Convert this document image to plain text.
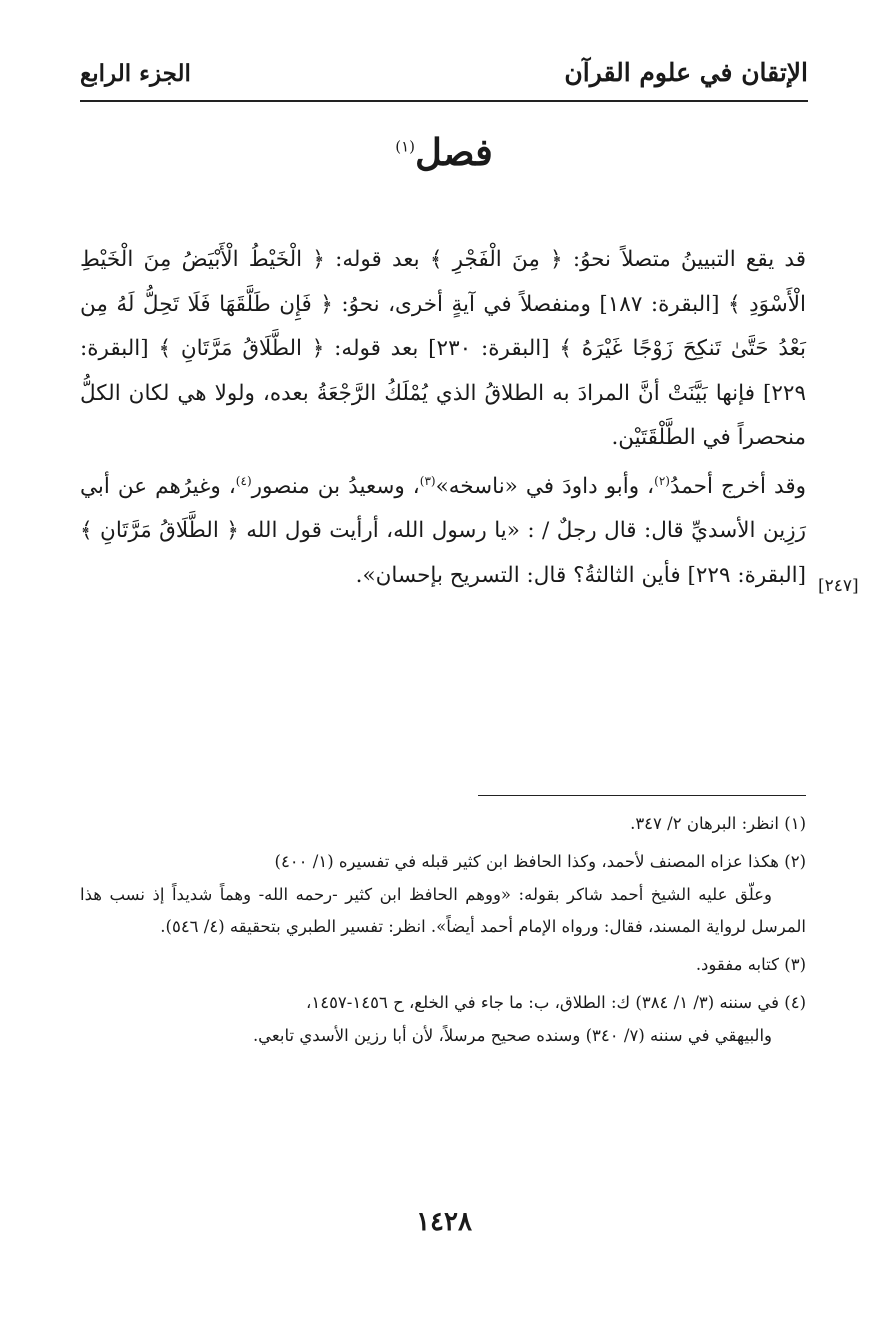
الإتقان في علوم القرآن
الجزء الرابع
فصل$^{(١)}$

قد يقع التبيينُ متصلاً نحوُ: ﴿ مِنَ الْفَجْرِ ﴾ بعد قوله: ﴿ الْخَيْطُ الْأَبْيَضُ مِنَ الْخَيْطِ الْأَسْوَدِ ﴾ [البقرة: ١٨٧] ومنفصلاً في آيةٍ أخرى، نحوُ: ﴿ فَإِن طَلَّقَهَا فَلَا تَحِلُّ لَهُ مِن بَعْدُ حَتَّىٰ تَنكِحَ زَوْجًا غَيْرَهُ ﴾ [البقرة: ٢٣٠] بعد قوله: ﴿ الطَّلَاقُ مَرَّتَانِ ﴾ [البقرة: ٢٢٩] فإنها بَيَّنَتْ أنَّ المرادَ به الطلاقُ الذي يُمْلَكُ الرَّجْعَةُ بعده، ولولا هي لكان الكلُّ منحصراً في الطَّلْقَتَيْن.

وقد أخرج أحمدُ$^{(٢)}$، وأبو داودَ في «ناسخه»$^{(٣)}$، وسعيدُ بن منصور$^{(٤)}$، وغيرُهم عن أبي رَزِين الأسديِّ قال: قال رجلٌ / : «يا رسول الله، أرأيت قول الله ﴿ الطَّلَاقُ مَرَّتَانِ ﴾ [البقرة: ٢٢٩] فأين الثالثةُ؟ قال: التسريح بإحسان». [٢٤٧]

(١) انظر: البرهان ٢/ ٣٤٧.

(٢) هكذا عزاه المصنف لأحمد، وكذا الحافظ ابن كثير قبله في تفسيره (١/ ٤٠٠)
وعلّق عليه الشيخ أحمد شاكر بقوله: «ووهم الحافظ ابن كثير -رحمه الله- وهماً شديداً إذ نسب هذا المرسل لرواية المسند، فقال: ورواه الإمام أحمد أيضاً». انظر: تفسير الطبري بتحقيقه (٤/ ٥٤٦).

(٣) كتابه مفقود.

(٤) في سننه (٣/ ١/ ٣٨٤) ك: الطلاق، ب: ما جاء في الخلع، ح ١٤٥٦-١٤٥٧،
والبيهقي في سننه (٧/ ٣٤٠) وسنده صحيح مرسلاً، لأن أبا رزين الأسدي تابعي.

١٤٢٨
